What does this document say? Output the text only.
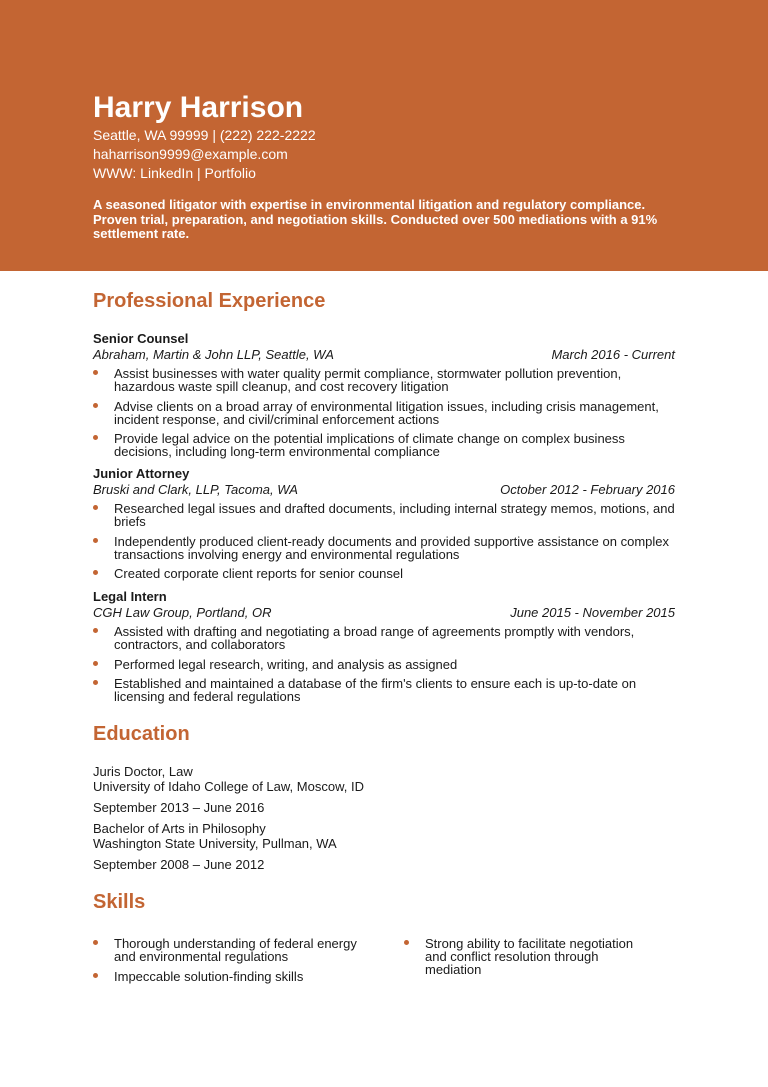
Harry Harrison
Seattle, WA 99999 | (222) 222-2222
haharrison9999@example.com
WWW: LinkedIn | Portfolio
A seasoned litigator with expertise in environmental litigation and regulatory compliance. Proven trial, preparation, and negotiation skills. Conducted over 500 mediations with a 91% settlement rate.
Professional Experience
Senior Counsel
Abraham, Martin & John LLP, Seattle, WA	March 2016 - Current
Assist businesses with water quality permit compliance, stormwater pollution prevention, hazardous waste spill cleanup, and cost recovery litigation
Advise clients on a broad array of environmental litigation issues, including crisis management, incident response, and civil/criminal enforcement actions
Provide legal advice on the potential implications of climate change on complex business decisions, including long-term environmental compliance
Junior Attorney
Bruski and Clark, LLP, Tacoma, WA	October 2012 - February 2016
Researched legal issues and drafted documents, including internal strategy memos, motions, and briefs
Independently produced client-ready documents and provided supportive assistance on complex transactions involving energy and environmental regulations
Created corporate client reports for senior counsel
Legal Intern
CGH Law Group, Portland, OR	June 2015 - November 2015
Assisted with drafting and negotiating a broad range of agreements promptly with vendors, contractors, and collaborators
Performed legal research, writing, and analysis as assigned
Established and maintained a database of the firm's clients to ensure each is up-to-date on licensing and federal regulations
Education
Juris Doctor, Law
University of Idaho College of Law, Moscow, ID
September 2013 – June 2016
Bachelor of Arts in Philosophy
Washington State University, Pullman, WA
September 2008 – June 2012
Skills
Thorough understanding of federal energy and environmental regulations
Impeccable solution-finding skills
Strong ability to facilitate negotiation and conflict resolution through mediation
